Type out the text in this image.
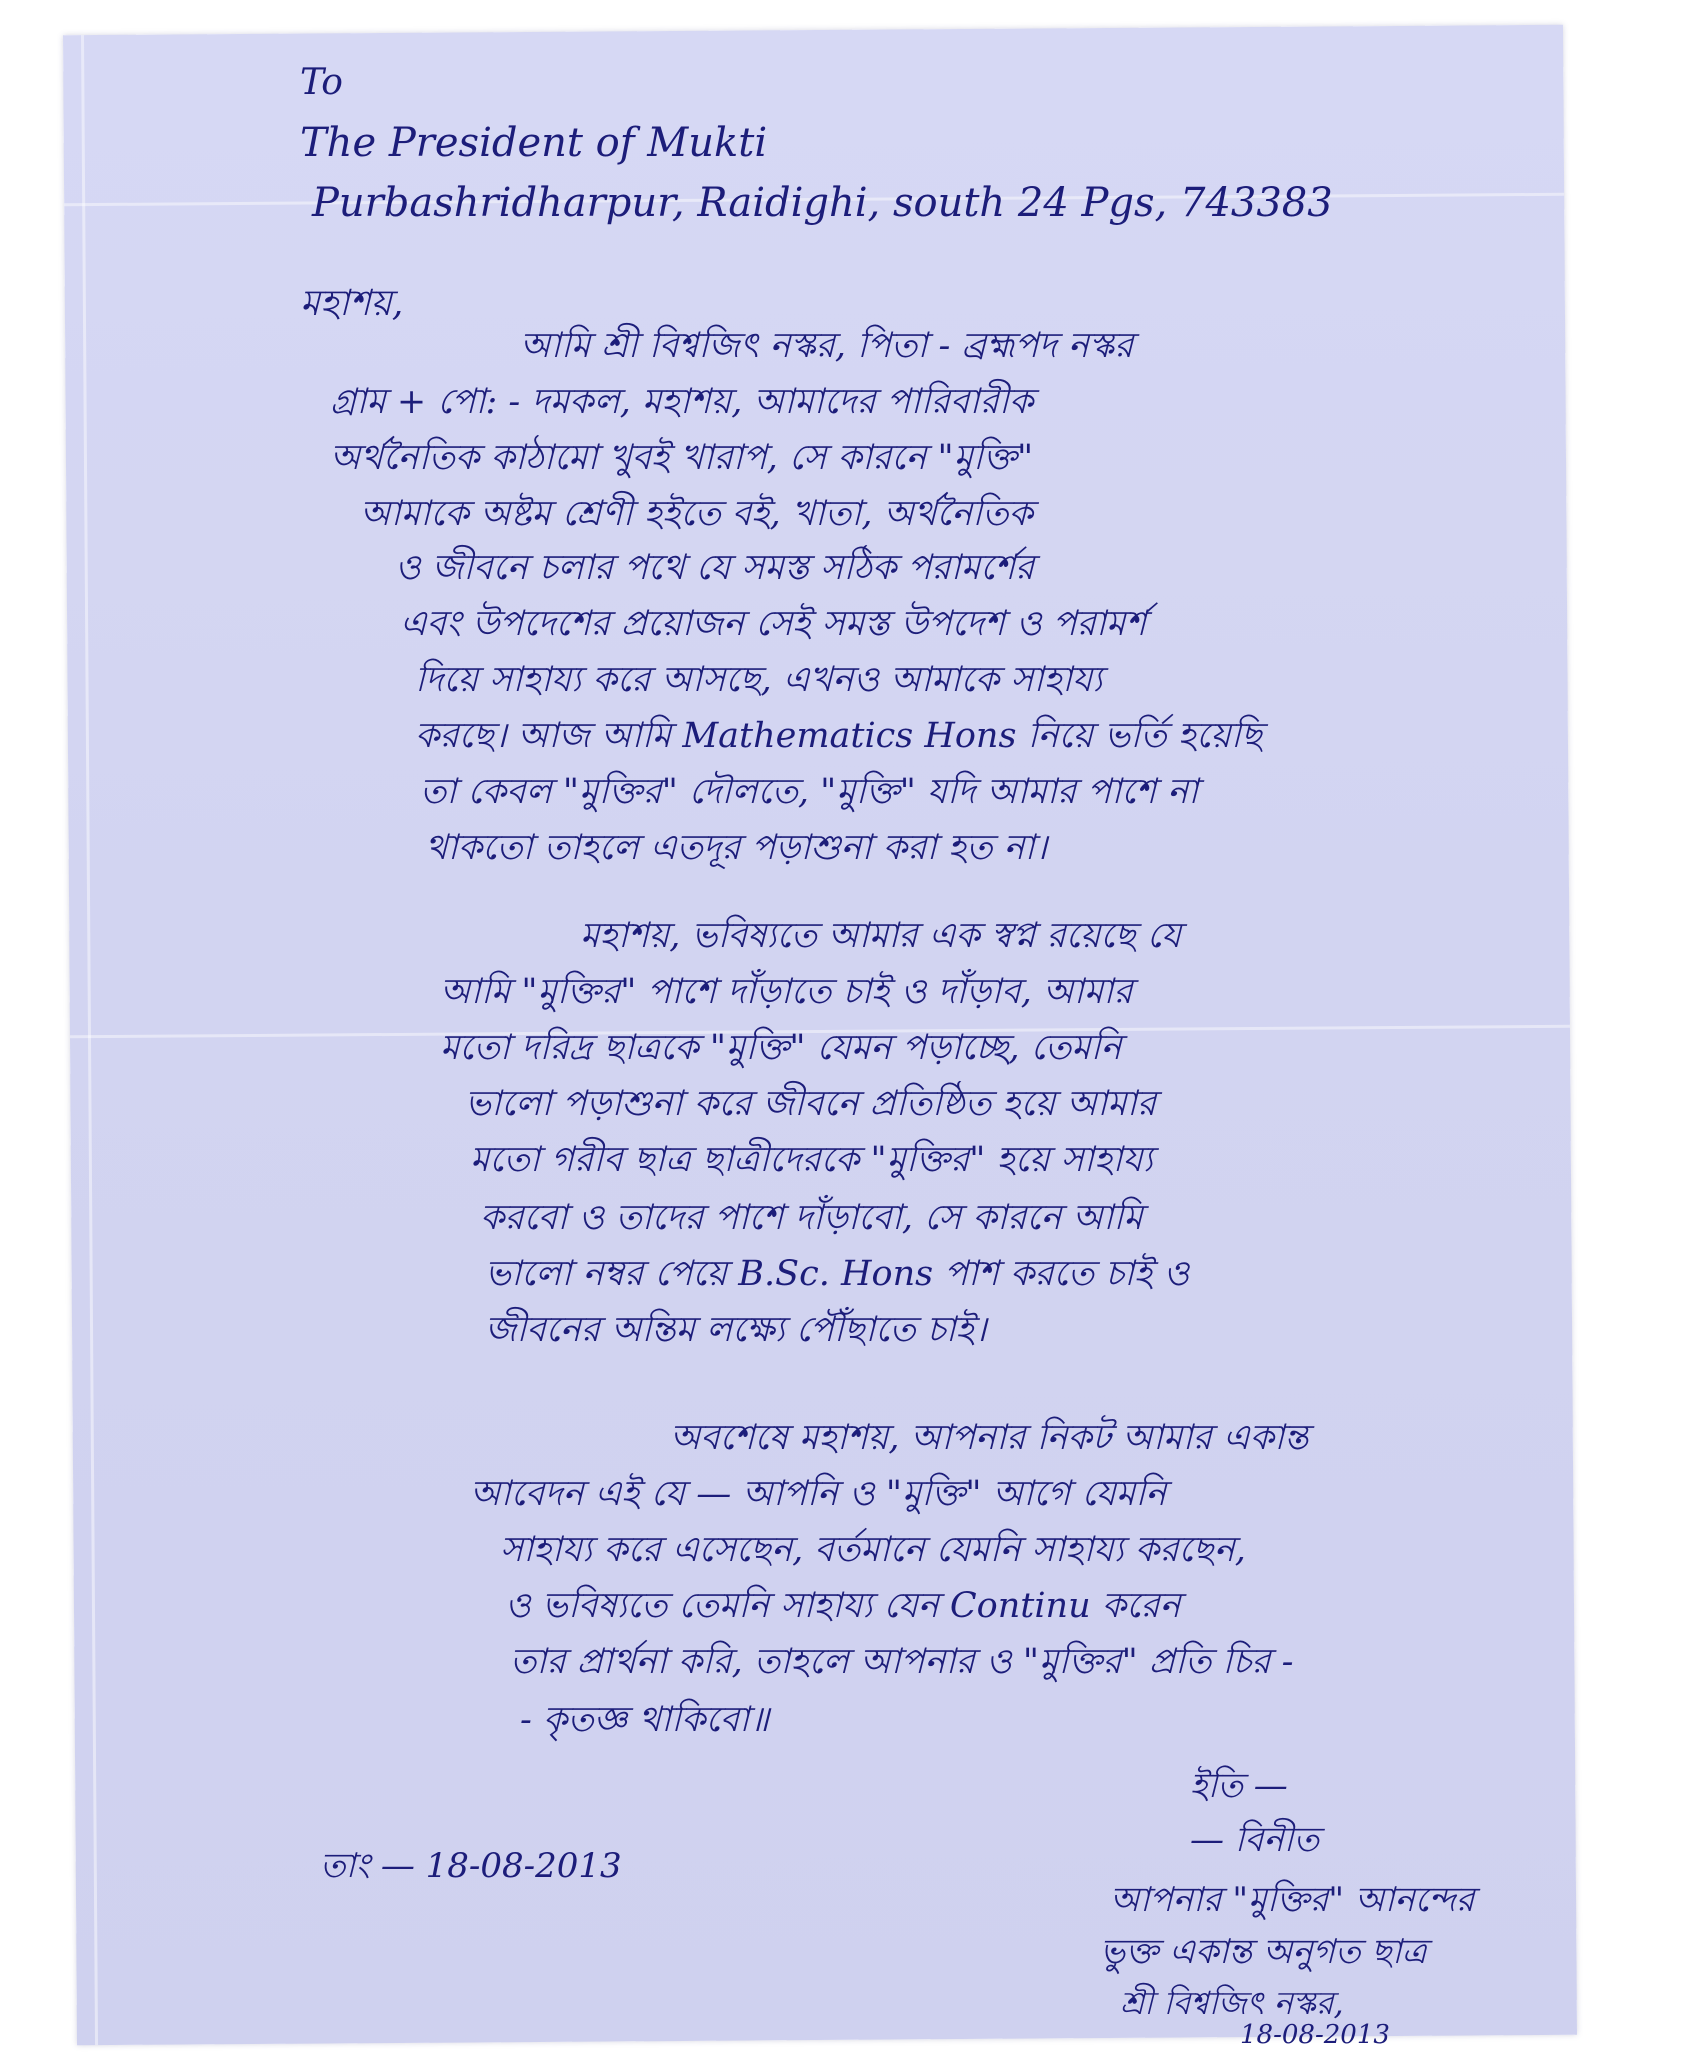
To
The President of Mukti
Purbashridharpur, Raidighi, south 24 Pgs, 743383
মহাশয়,
আমি শ্রী বিশ্বজিৎ নস্কর, পিতা - ব্রহ্মপদ নস্কর
গ্রাম + পো: - দমকল, মহাশয়, আমাদের পারিবারীক
অর্থনৈতিক কাঠামো খুবই খারাপ, সে কারনে "মুক্তি"
আমাকে অষ্টম শ্রেণী হইতে বই, খাতা, অর্থনৈতিক
ও জীবনে চলার পথে যে সমস্ত সঠিক পরামর্শের
এবং উপদেশের প্রয়োজন সেই সমস্ত উপদেশ ও পরামর্শ
দিয়ে সাহায্য করে আসছে, এখনও আমাকে সাহায্য
করছে। আজ আমি Mathematics Hons নিয়ে ভর্তি হয়েছি
তা কেবল "মুক্তির" দৌলতে, "মুক্তি" যদি আমার পাশে না
থাকতো তাহলে এতদূর পড়াশুনা করা হত না।
মহাশয়, ভবিষ্যতে আমার এক স্বপ্ন রয়েছে যে
আমি "মুক্তির" পাশে দাঁড়াতে চাই ও দাঁড়াব, আমার
মতো দরিদ্র ছাত্রকে "মুক্তি" যেমন পড়াচ্ছে, তেমনি
ভালো পড়াশুনা করে জীবনে প্রতিষ্ঠিত হয়ে আমার
মতো গরীব ছাত্র ছাত্রীদেরকে "মুক্তির" হয়ে সাহায্য
করবো ও তাদের পাশে দাঁড়াবো, সে কারনে আমি
ভালো নম্বর পেয়ে B.Sc. Hons পাশ করতে চাই ও
জীবনের অন্তিম লক্ষ্যে পৌঁছাতে চাই।
অবশেষে মহাশয়, আপনার নিকট আমার একান্ত
আবেদন এই যে — আপনি ও "মুক্তি" আগে যেমনি
সাহায্য করে এসেছেন, বর্তমানে যেমনি সাহায্য করছেন,
ও ভবিষ্যতে তেমনি সাহায্য যেন Continu করেন
তার প্রার্থনা করি, তাহলে আপনার ও "মুক্তির" প্রতি চির -
- কৃতজ্ঞ থাকিবো॥
তাং — 18-08-2013
ইতি —
— বিনীত
আপনার "মুক্তির" আনন্দের
ভুক্ত একান্ত অনুগত ছাত্র
শ্রী বিশ্বজিৎ নস্কর,
18-08-2013
